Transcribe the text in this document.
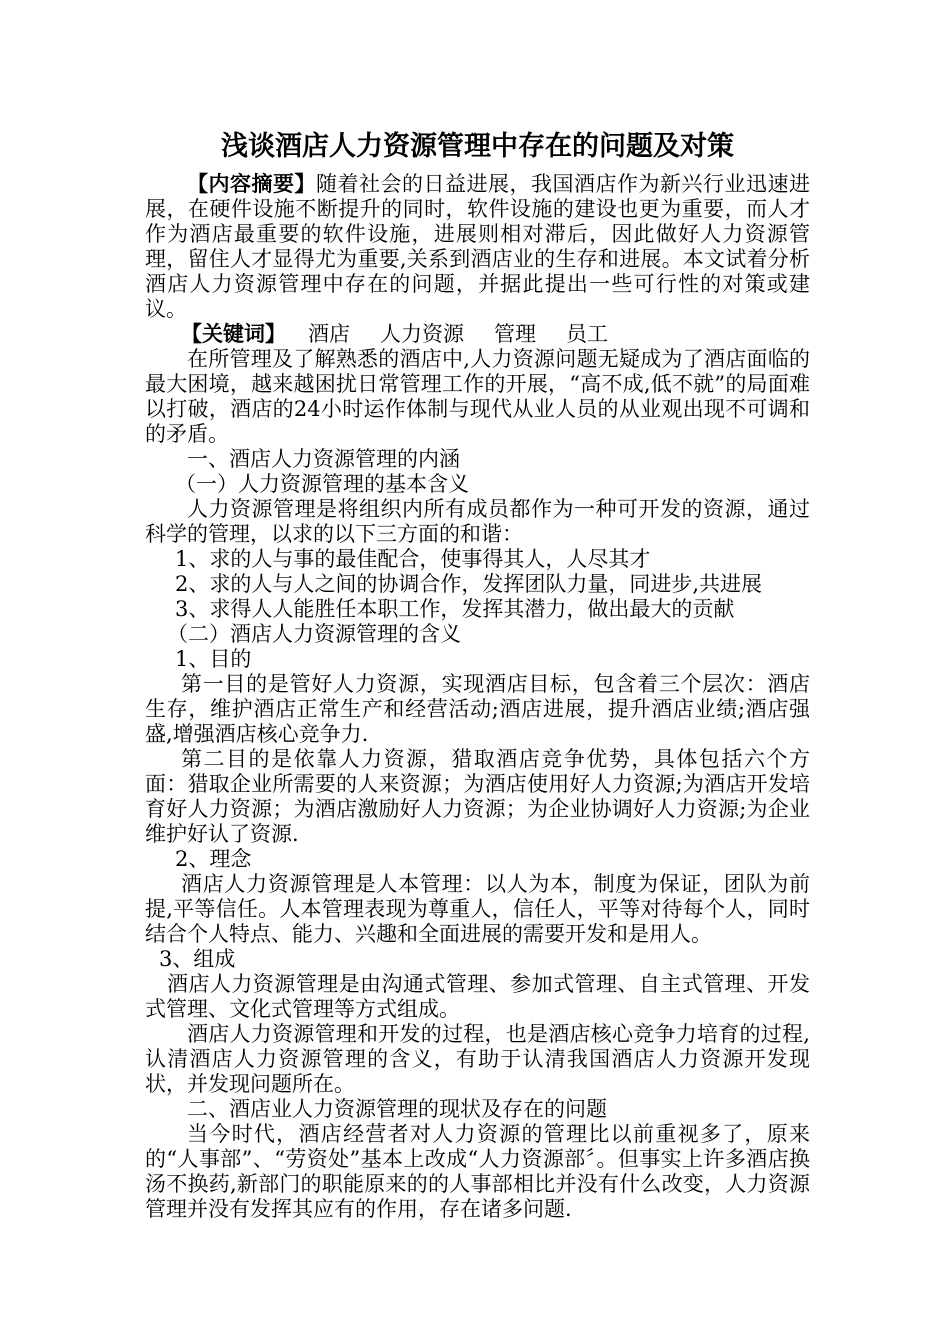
浅谈酒店人力资源管理中存在的问题及对策

【内容摘要】随着社会的日益进展，我国酒店作为新兴行业迅速进展，在硬件设施不断提升的同时，软件设施的建设也更为重要，而人才作为酒店最重要的软件设施，进展则相对滞后，因此做好人力资源管理，留住人才显得尤为重要,关系到酒店业的生存和进展。本文试着分析酒店人力资源管理中存在的问题，并据此提出一些可行性的对策或建议。

【关键词】 酒店 人力资源 管理 员工

在所管理及了解熟悉的酒店中,人力资源问题无疑成为了酒店面临的最大困境，越来越困扰日常管理工作的开展，“高不成,低不就”的局面难以打破，酒店的24小时运作体制与现代从业人员的从业观出现不可调和的矛盾。

一、酒店人力资源管理的内涵

（一）人力资源管理的基本含义

人力资源管理是将组织内所有成员都作为一种可开发的资源，通过科学的管理，以求的以下三方面的和谐：

1、求的人与事的最佳配合，使事得其人，人尽其才

2、求的人与人之间的协调合作，发挥团队力量，同进步,共进展

3、求得人人能胜任本职工作，发挥其潜力，做出最大的贡献

（二）酒店人力资源管理的含义

1、目的

第一目的是管好人力资源，实现酒店目标，包含着三个层次：酒店生存，维护酒店正常生产和经营活动;酒店进展，提升酒店业绩;酒店强盛,增强酒店核心竞争力.

第二目的是依靠人力资源，猎取酒店竞争优势，具体包括六个方面：猎取企业所需要的人来资源；为酒店使用好人力资源;为酒店开发培育好人力资源；为酒店激励好人力资源；为企业协调好人力资源;为企业维护好认了资源.

2、理念

酒店人力资源管理是人本管理：以人为本，制度为保证，团队为前提,平等信任。人本管理表现为尊重人，信任人，平等对待每个人，同时结合个人特点、能力、兴趣和全面进展的需要开发和是用人。

3、组成

酒店人力资源管理是由沟通式管理、参加式管理、自主式管理、开发式管理、文化式管理等方式组成。

酒店人力资源管理和开发的过程，也是酒店核心竞争力培育的过程,认清酒店人力资源管理的含义，有助于认清我国酒店人力资源开发现状，并发现问题所在。

二、酒店业人力资源管理的现状及存在的问题

当今时代，酒店经营者对人力资源的管理比以前重视多了，原来的“人事部”、“劳资处”基本上改成“人力资源部〞。但事实上许多酒店换汤不换药,新部门的职能原来的的人事部相比并没有什么改变，人力资源管理并没有发挥其应有的作用，存在诸多问题.
